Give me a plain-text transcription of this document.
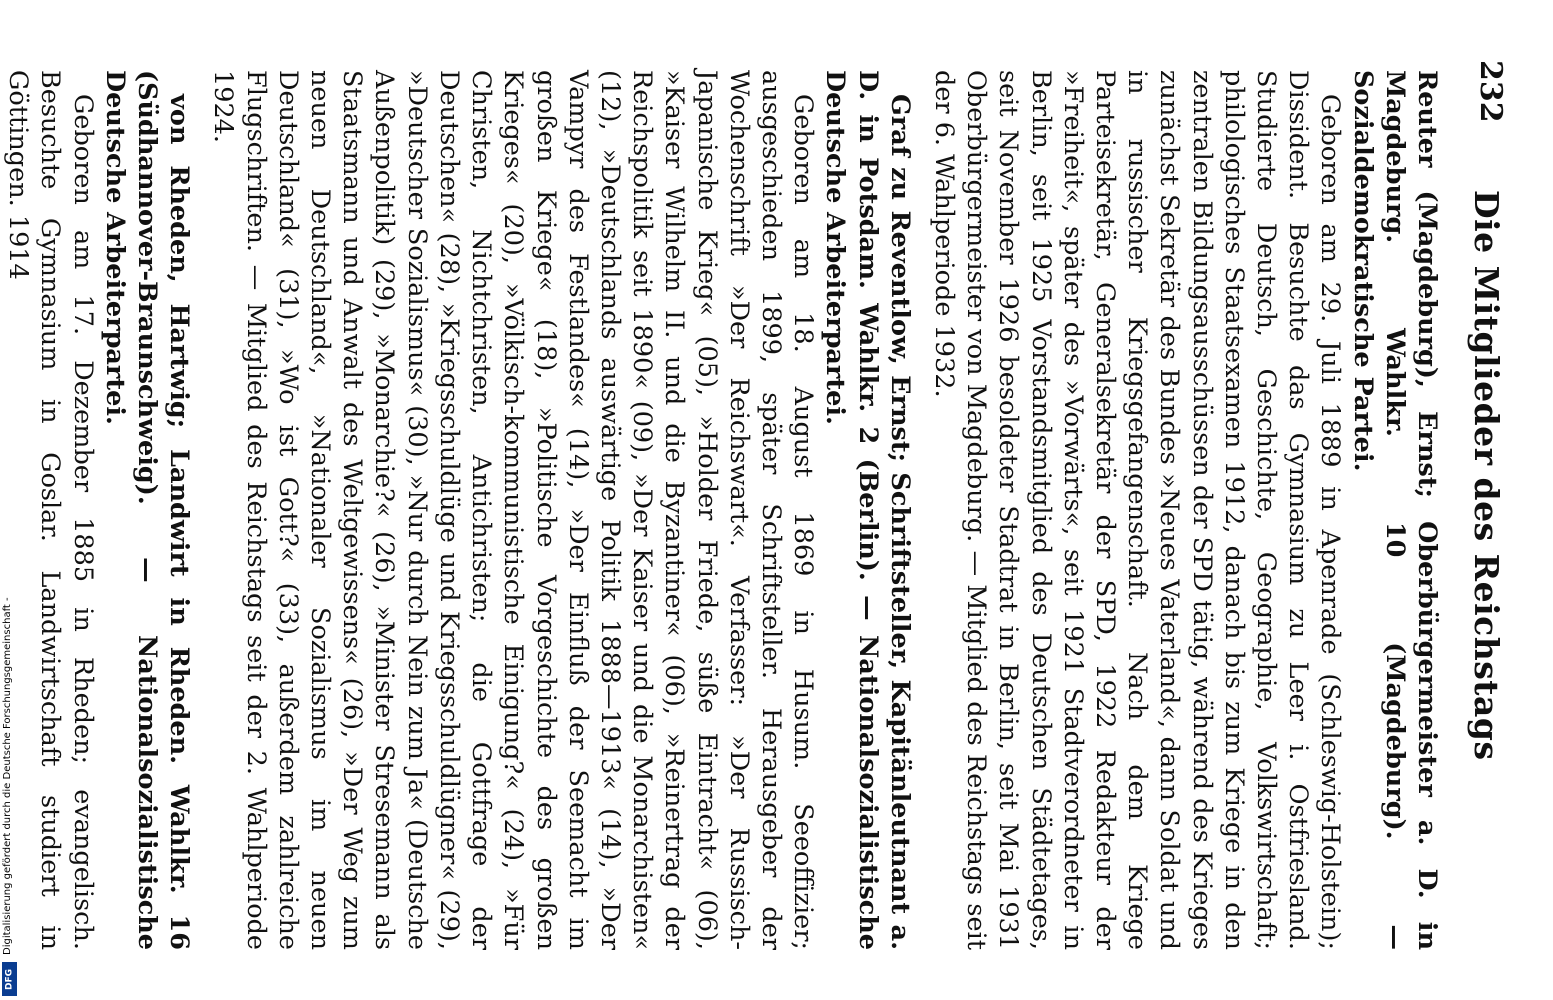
232
Die Mitglieder des Reichstags

Reuter (Magdeburg), Ernst; Oberbürgermeister a. D. in Magdeburg. Wahlkr. 10 (Magdeburg). — Sozialdemokratische Partei.

Geboren am 29. Juli 1889 in Apenrade (Schleswig-Holstein); Dissident. Besuchte das Gymnasium zu Leer i. Ostfriesland. Studierte Deutsch, Geschichte, Geographie, Volkswirtschaft; philologisches Staatsexamen 1912, danach bis zum Kriege in den zentralen Bildungsausschüssen der SPD tätig, während des Krieges zunächst Sekretär des Bundes »Neues Vaterland«, dann Soldat und in russischer Kriegsgefangenschaft. Nach dem Kriege Parteisekretär, Generalsekretär der SPD, 1922 Redakteur der »Freiheit«, später des »Vorwärts«, seit 1921 Stadtverordneter in Berlin, seit 1925 Vorstandsmitglied des Deutschen Städtetages, seit November 1926 besoldeter Stadtrat in Berlin, seit Mai 1931 Oberbürgermeister von Magdeburg. — Mitglied des Reichstags seit der 6. Wahlperiode 1932.

Graf zu Reventlow, Ernst; Schriftsteller, Kapitänleutnant a. D. in Potsdam. Wahlkr. 2 (Berlin). — Nationalsozialistische Deutsche Arbeiterpartei.

Geboren am 18. August 1869 in Husum. Seeoffizier; ausgeschieden 1899, später Schriftsteller. Herausgeber der Wochenschrift »Der Reichswart«. Verfasser: »Der Russisch-Japanische Krieg« (05), »Holder Friede, süße Eintracht« (06), »Kaiser Wilhelm II. und die Byzantiner« (06), »Reinertrag der Reichspolitik seit 1890« (09), »Der Kaiser und die Monarchisten« (12), »Deutschlands auswärtige Politik 1888—1913« (14), »Der Vampyr des Festlandes« (14), »Der Einfluß der Seemacht im großen Kriege« (18), »Politische Vorgeschichte des großen Krieges« (20), »Völkisch-kommunistische Einigung?« (24), »Für Christen, Nichtchristen, Antichristen; die Gottfrage der Deutschen« (28), »Kriegsschuldlüge und Kriegsschuldlügner« (29), »Deutscher Sozialismus« (30), »Nur durch Nein zum Ja« (Deutsche Außenpolitik) (29), »Monarchie?« (26), »Minister Stresemann als Staatsmann und Anwalt des Weltgewissens« (26), »Der Weg zum neuen Deutschland«, »Nationaler Sozialismus im neuen Deutschland« (31), »Wo ist Gott?« (33), außerdem zahlreiche Flugschriften. — Mitglied des Reichstags seit der 2. Wahlperiode 1924.

von Rheden, Hartwig; Landwirt in Rheden. Wahlkr. 16 (Südhannover-Braunschweig). — Nationalsozialistische Deutsche Arbeiterpartei.

Geboren am 17. Dezember 1885 in Rheden; evangelisch. Besuchte Gymnasium in Goslar. Landwirtschaft studiert in Göttingen. 1914

Digitalisierung gefördert durch die Deutsche Forschungsgemeinschaft -
DFG
